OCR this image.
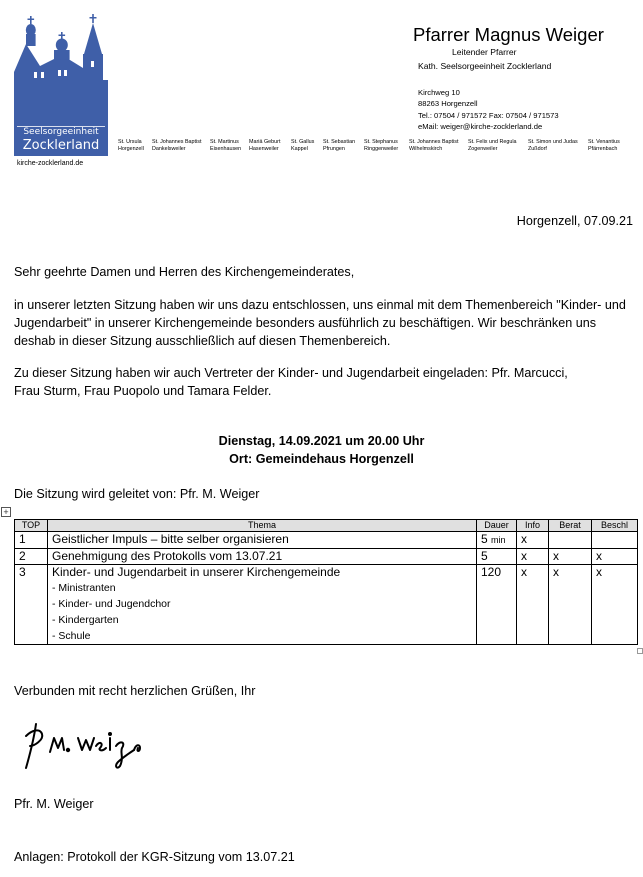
Seelsorgeeinheit
Zocklerland
kirche-zocklerland.de
St. Ursula
Horgenzell
St. Johannes Baptist
Dankelsweiler
St. Martinus
Eisenhausen
Mariä Geburt
Hasenweiler
St. Gallus
Kappel
St. Sebastian
Pfrungen
St. Stephanus
Ringgenweiler
St. Johannes Baptist
Wilhelmskirch
St. Felix und Regula
Zogenweiler
St. Simon und Judas
Zußdorf
St. Venantius
Pfärrenbach
Pfarrer Magnus Weiger
Leitender Pfarrer
Kath. Seelsorgeeinheit Zocklerland
Kirchweg 10
88263 Horgenzell
Tel.: 07504 / 971572 Fax: 07504 / 971573
eMail: weiger@kirche-zocklerland.de
Horgenzell, 07.09.21
Sehr geehrte Damen und Herren des Kirchengemeinderates,
in unserer letzten Sitzung haben wir uns dazu entschlossen, uns einmal mit dem Themenbereich "Kinder- und Jugendarbeit" in unserer Kirchengemeinde besonders ausführlich zu beschäftigen. Wir beschränken uns deshab in dieser Sitzung ausschließlich auf diesen Themenbereich.
Zu dieser Sitzung haben wir auch Vertreter der Kinder- und Jugendarbeit eingeladen: Pfr. Marcucci, Frau Sturm, Frau Puopolo und Tamara Felder.
Dienstag, 14.09.2021 um 20.00 Uhr
Ort: Gemeindehaus Horgenzell
Die Sitzung wird geleitet von: Pfr. M. Weiger
+
TOP	Thema	Dauer	Info	Berat	Beschl
1	Geistlicher Impuls – bitte selber organisieren	5 min	x		
2	Genehmigung des Protokolls vom 13.07.21	5	x	x	x
3	Kinder- und Jugendarbeit in unserer Kirchengemeinde
- Ministranten
- Kinder- und Jugendchor
- Kindergarten
- Schule	120	x	x	x
Verbunden mit recht herzlichen Grüßen, Ihr
Pfr. M. Weiger
Anlagen: Protokoll der KGR-Sitzung vom 13.07.21
